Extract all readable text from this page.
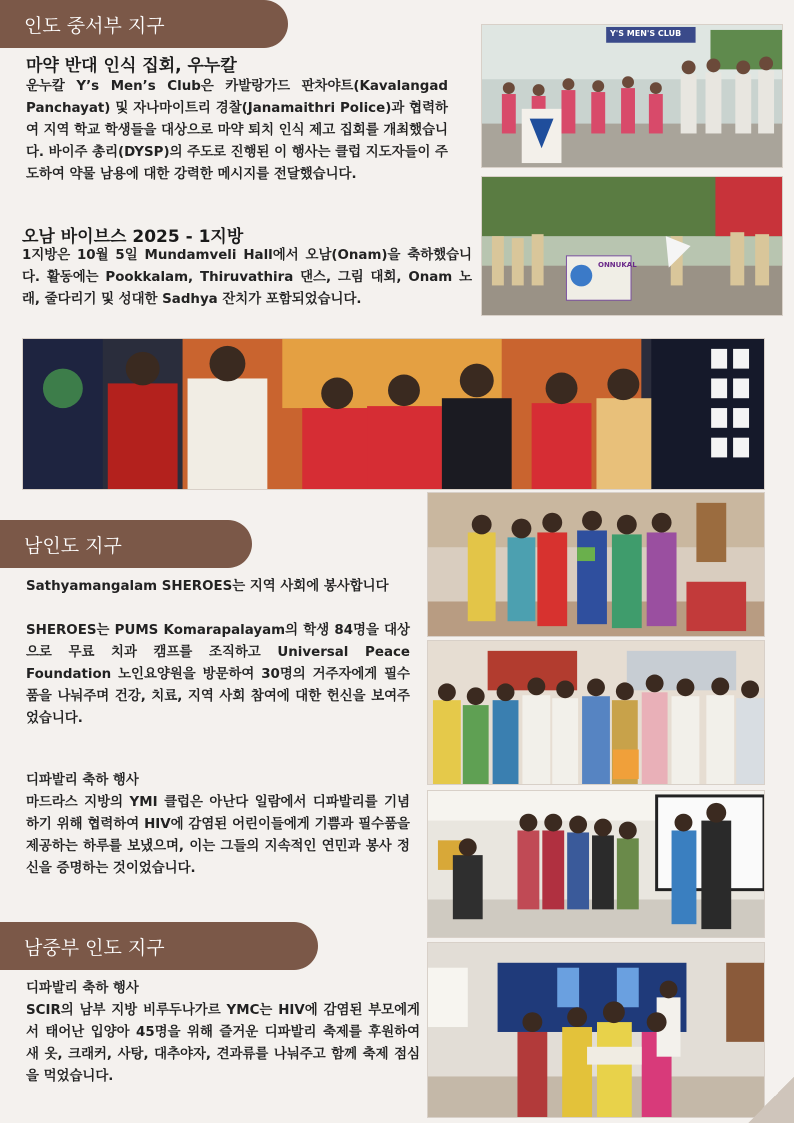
인도 중서부 지구
마약 반대 인식 집회, 우누칼

운누칼 Y’s Men’s Club은 카발랑가드 판차야트(Kavalangad Panchayat) 및 자나마이트리 경찰(Janamaithri Police)과 협력하여 지역 학교 학생들을 대상으로 마약 퇴치 인식 제고 집회를 개최했습니다. 바이주 총리(DYSP)의 주도로 진행된 이 행사는 클럽 지도자들이 주도하여 약물 남용에 대한 강력한 메시지를 전달했습니다.

오남 바이브스 2025 - 1지방

1지방은 10월 5일 Mundamveli Hall에서 오남(Onam)을 축하했습니다. 활동에는 Pookkalam, Thiruvathira 댄스, 그림 대회, Onam 노래, 줄다리기 및 성대한 Sadhya 잔치가 포함되었습니다.

Y'S MEN'S CLUB
ONNUKAL
남인도 지구

Sathyamangalam SHEROES는 지역 사회에 봉사합니다

SHEROES는 PUMS Komarapalayam의 학생 84명을 대상으로 무료 치과 캠프를 조직하고 Universal Peace Foundation 노인요양원을 방문하여 30명의 거주자에게 필수품을 나눠주며 건강, 치료, 지역 사회 참여에 대한 헌신을 보여주었습니다.

디파발리 축하 행사

마드라스 지방의 YMI 클럽은 아난다 일람에서 디파발리를 기념하기 위해 협력하여 HIV에 감염된 어린이들에게 기쁨과 필수품을 제공하는 하루를 보냈으며, 이는 그들의 지속적인 연민과 봉사 정신을 증명하는 것이었습니다.

남중부 인도 지구

디파발리 축하 행사

SCIR의 남부 지방 비루두나가르 YMC는 HIV에 감염된 부모에게서 태어난 입양아 45명을 위해 즐거운 디파발리 축제를 후원하여 새 옷, 크래커, 사탕, 대추야자, 견과류를 나눠주고 함께 축제 점심을 먹었습니다.
